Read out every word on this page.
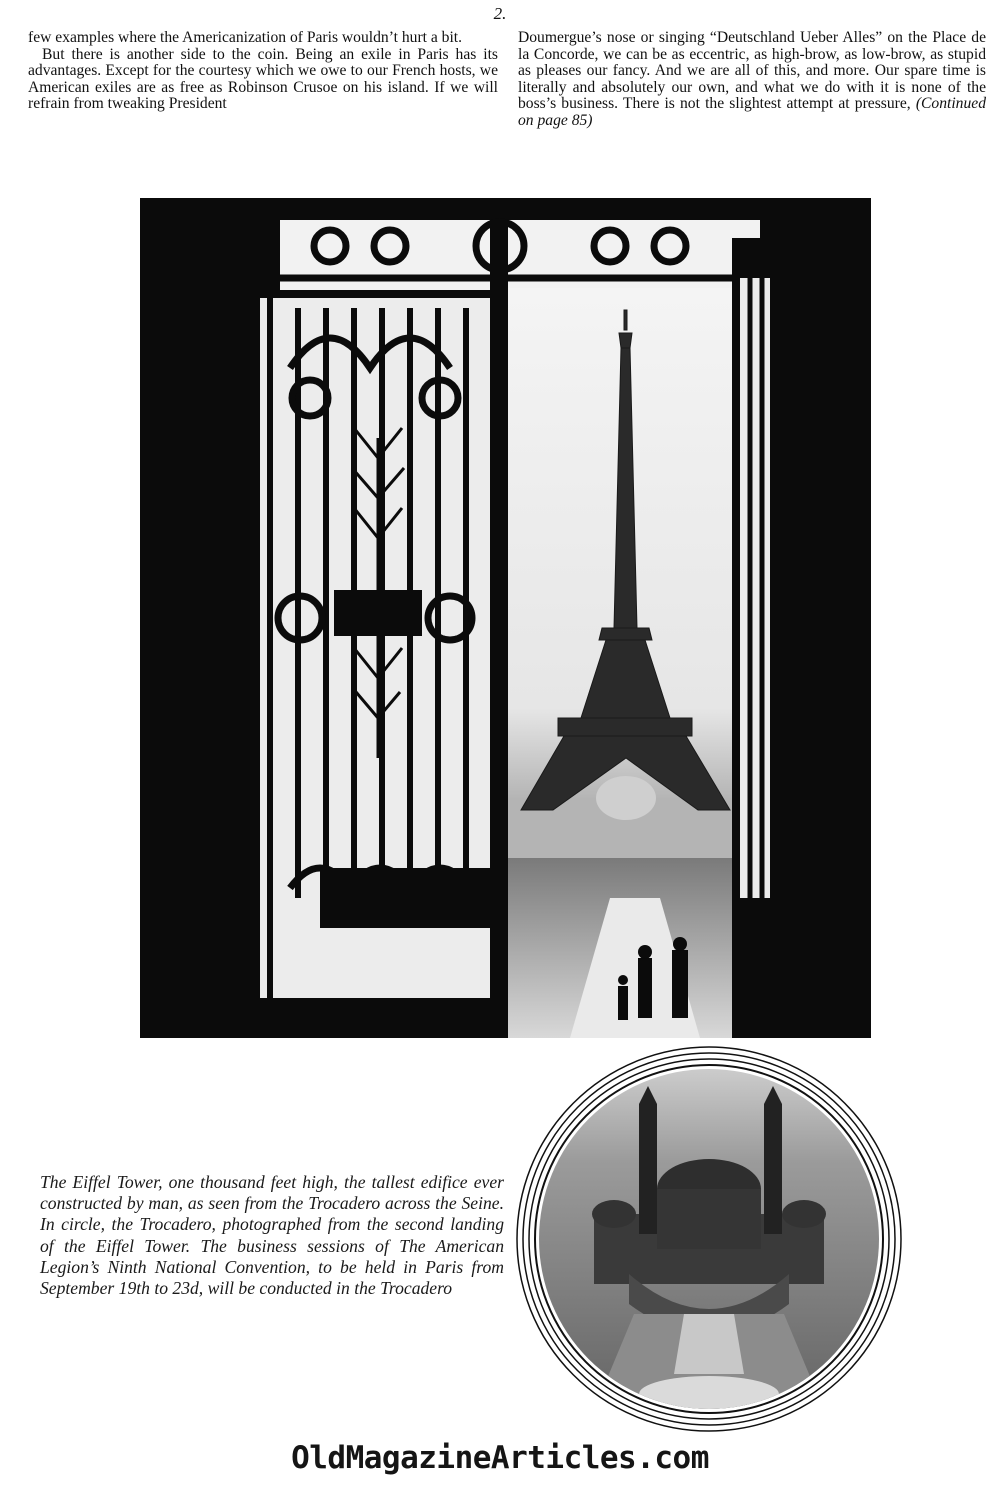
2.

few examples where the Americanization of Paris wouldn’t hurt a bit.

But there is another side to the coin. Being an exile in Paris has its advantages. Except for the courtesy which we owe to our French hosts, we American exiles are as free as Robinson Crusoe on his island. If we will refrain from tweaking President

Doumergue’s nose or singing “Deutschland Ueber Alles” on the Place de la Concorde, we can be as eccentric, as high-brow, as low-brow, as stupid as pleases our fancy. And we are all of this, and more. Our spare time is literally and absolutely our own, and what we do with it is none of the boss’s business. There is not the slightest attempt at pressure, (Continued on page 85)

The Eiffel Tower, one thousand feet high, the tallest edifice ever constructed by man, as seen from the Trocadero across the Seine. In circle, the Trocadero, photographed from the second landing of the Eiffel Tower. The business sessions of The American Legion’s Ninth National Convention, to be held in Paris from September 19th to 23d, will be conducted in the Trocadero
OldMagazineArticles.com
